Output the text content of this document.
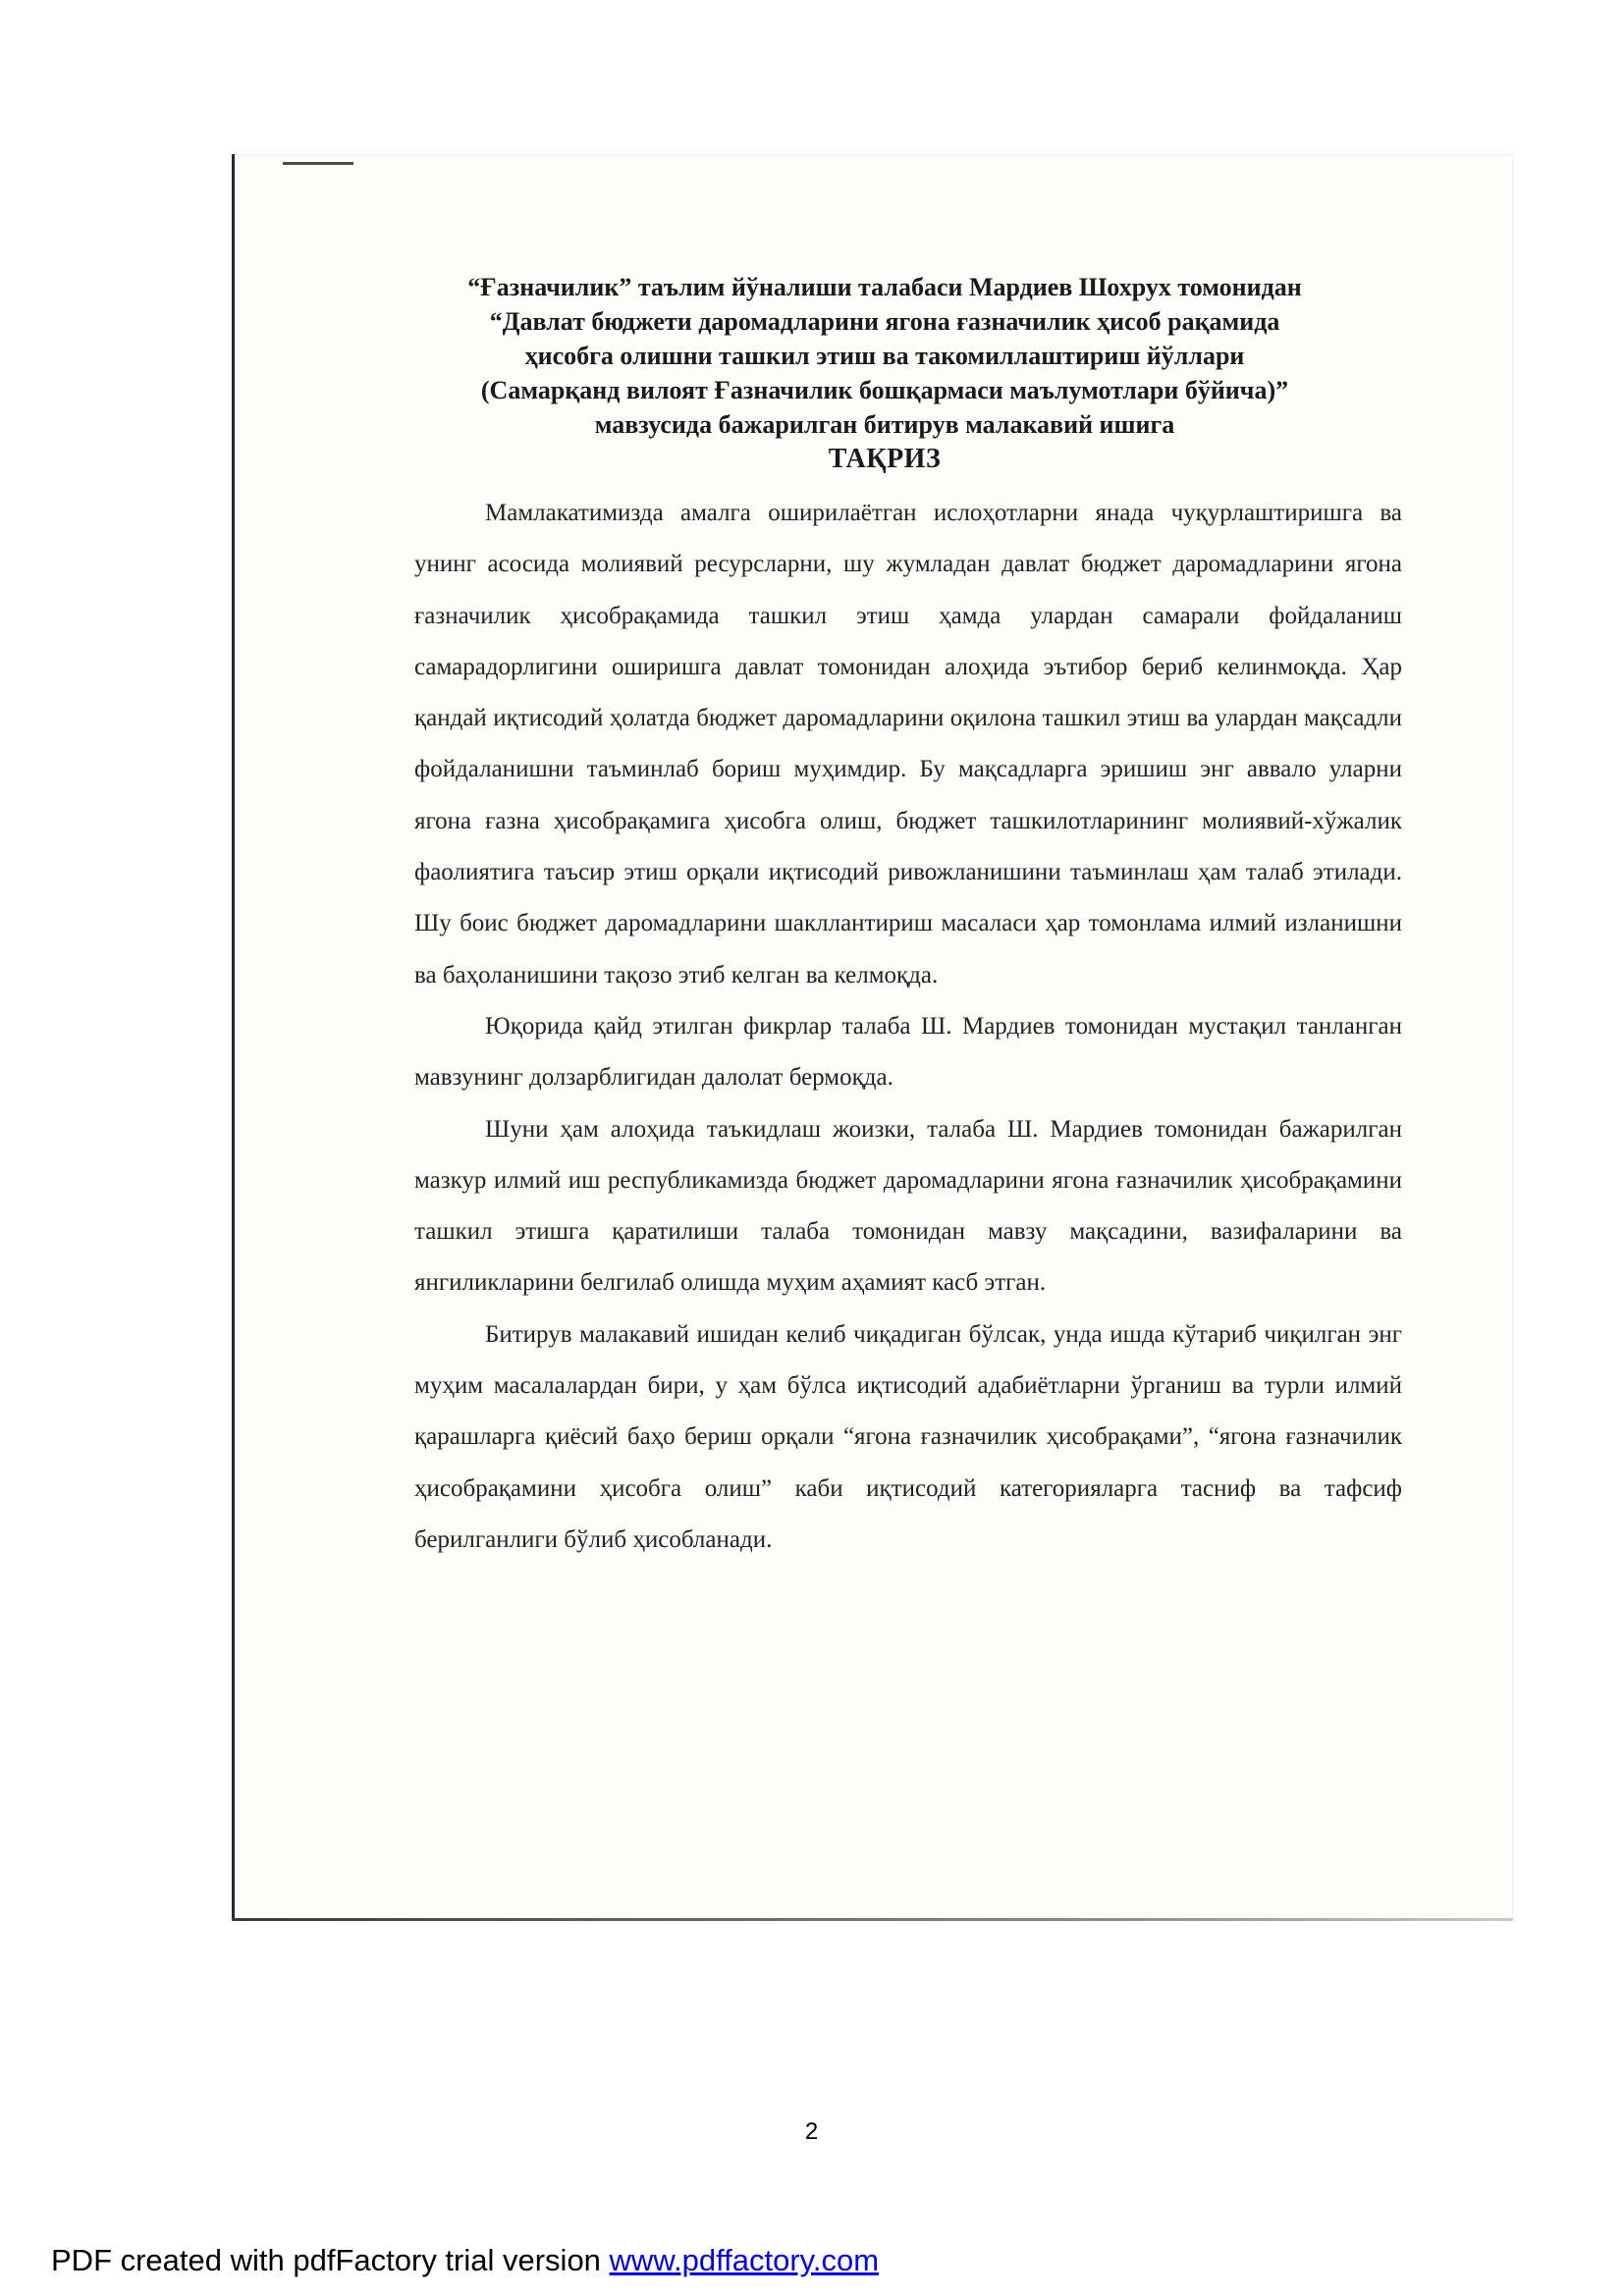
“Ғазначилик” таълим йўналиши талабаси Мардиев Шохрух томонидан
“Давлат бюджети даромадларини ягона ғазначилик ҳисоб рақамида
ҳисобга олишни ташкил этиш ва такомиллаштириш йўллари
(Самарқанд вилоят Ғазначилик бошқармаси маълумотлари бўйича)”
мавзусида бажарилган битирув малакавий ишига
ТАҚРИЗ

Мамлакатимизда амалга оширилаётган ислоҳотларни янада чуқурлаштиришга ва унинг асосида молиявий ресурсларни, шу жумладан давлат бюджет даромадларини ягона ғазначилик ҳисобрақамида ташкил этиш ҳамда улардан самарали фойдаланиш самарадорлигини оширишга давлат томонидан алоҳида эътибор бериб келинмоқда. Ҳар қандай иқтисодий ҳолатда бюджет даромадларини оқилона ташкил этиш ва улардан мақсадли фойдаланишни таъминлаб бориш муҳимдир. Бу мақсадларга эришиш энг аввало уларни ягона ғазна ҳисобрақамига ҳисобга олиш, бюджет ташкилотларининг молиявий-хўжалик фаолиятига таъсир этиш орқали иқтисодий ривожланишини таъминлаш ҳам талаб этилади. Шу боис бюджет даромадларини шакллантириш масаласи ҳар томонлама илмий изланишни ва баҳоланишини тақозо этиб келган ва келмоқда.

Юқорида қайд этилган фикрлар талаба Ш. Мардиев томонидан мустақил танланган мавзунинг долзарблигидан далолат бермоқда.

Шуни ҳам алоҳида таъкидлаш жоизки, талаба Ш. Мардиев томонидан бажарилган мазкур илмий иш республикамизда бюджет даромадларини ягона ғазначилик ҳисобрақамини ташкил этишга қаратилиши талаба томонидан мавзу мақсадини, вазифаларини ва янгиликларини белгилаб олишда муҳим аҳамият касб этган.

Битирув малакавий ишидан келиб чиқадиган бўлсак, унда ишда кўтариб чиқилган энг муҳим масалалардан бири, у ҳам бўлса иқтисодий адабиётларни ўрганиш ва турли илмий қарашларга қиёсий баҳо бериш орқали “ягона ғазначилик ҳисобрақами”, “ягона ғазначилик ҳисобрақамини ҳисобга олиш” каби иқтисодий категорияларга тасниф ва тафсиф берилганлиги бўлиб ҳисобланади.

2
PDF created with pdfFactory trial version www.pdffactory.com
